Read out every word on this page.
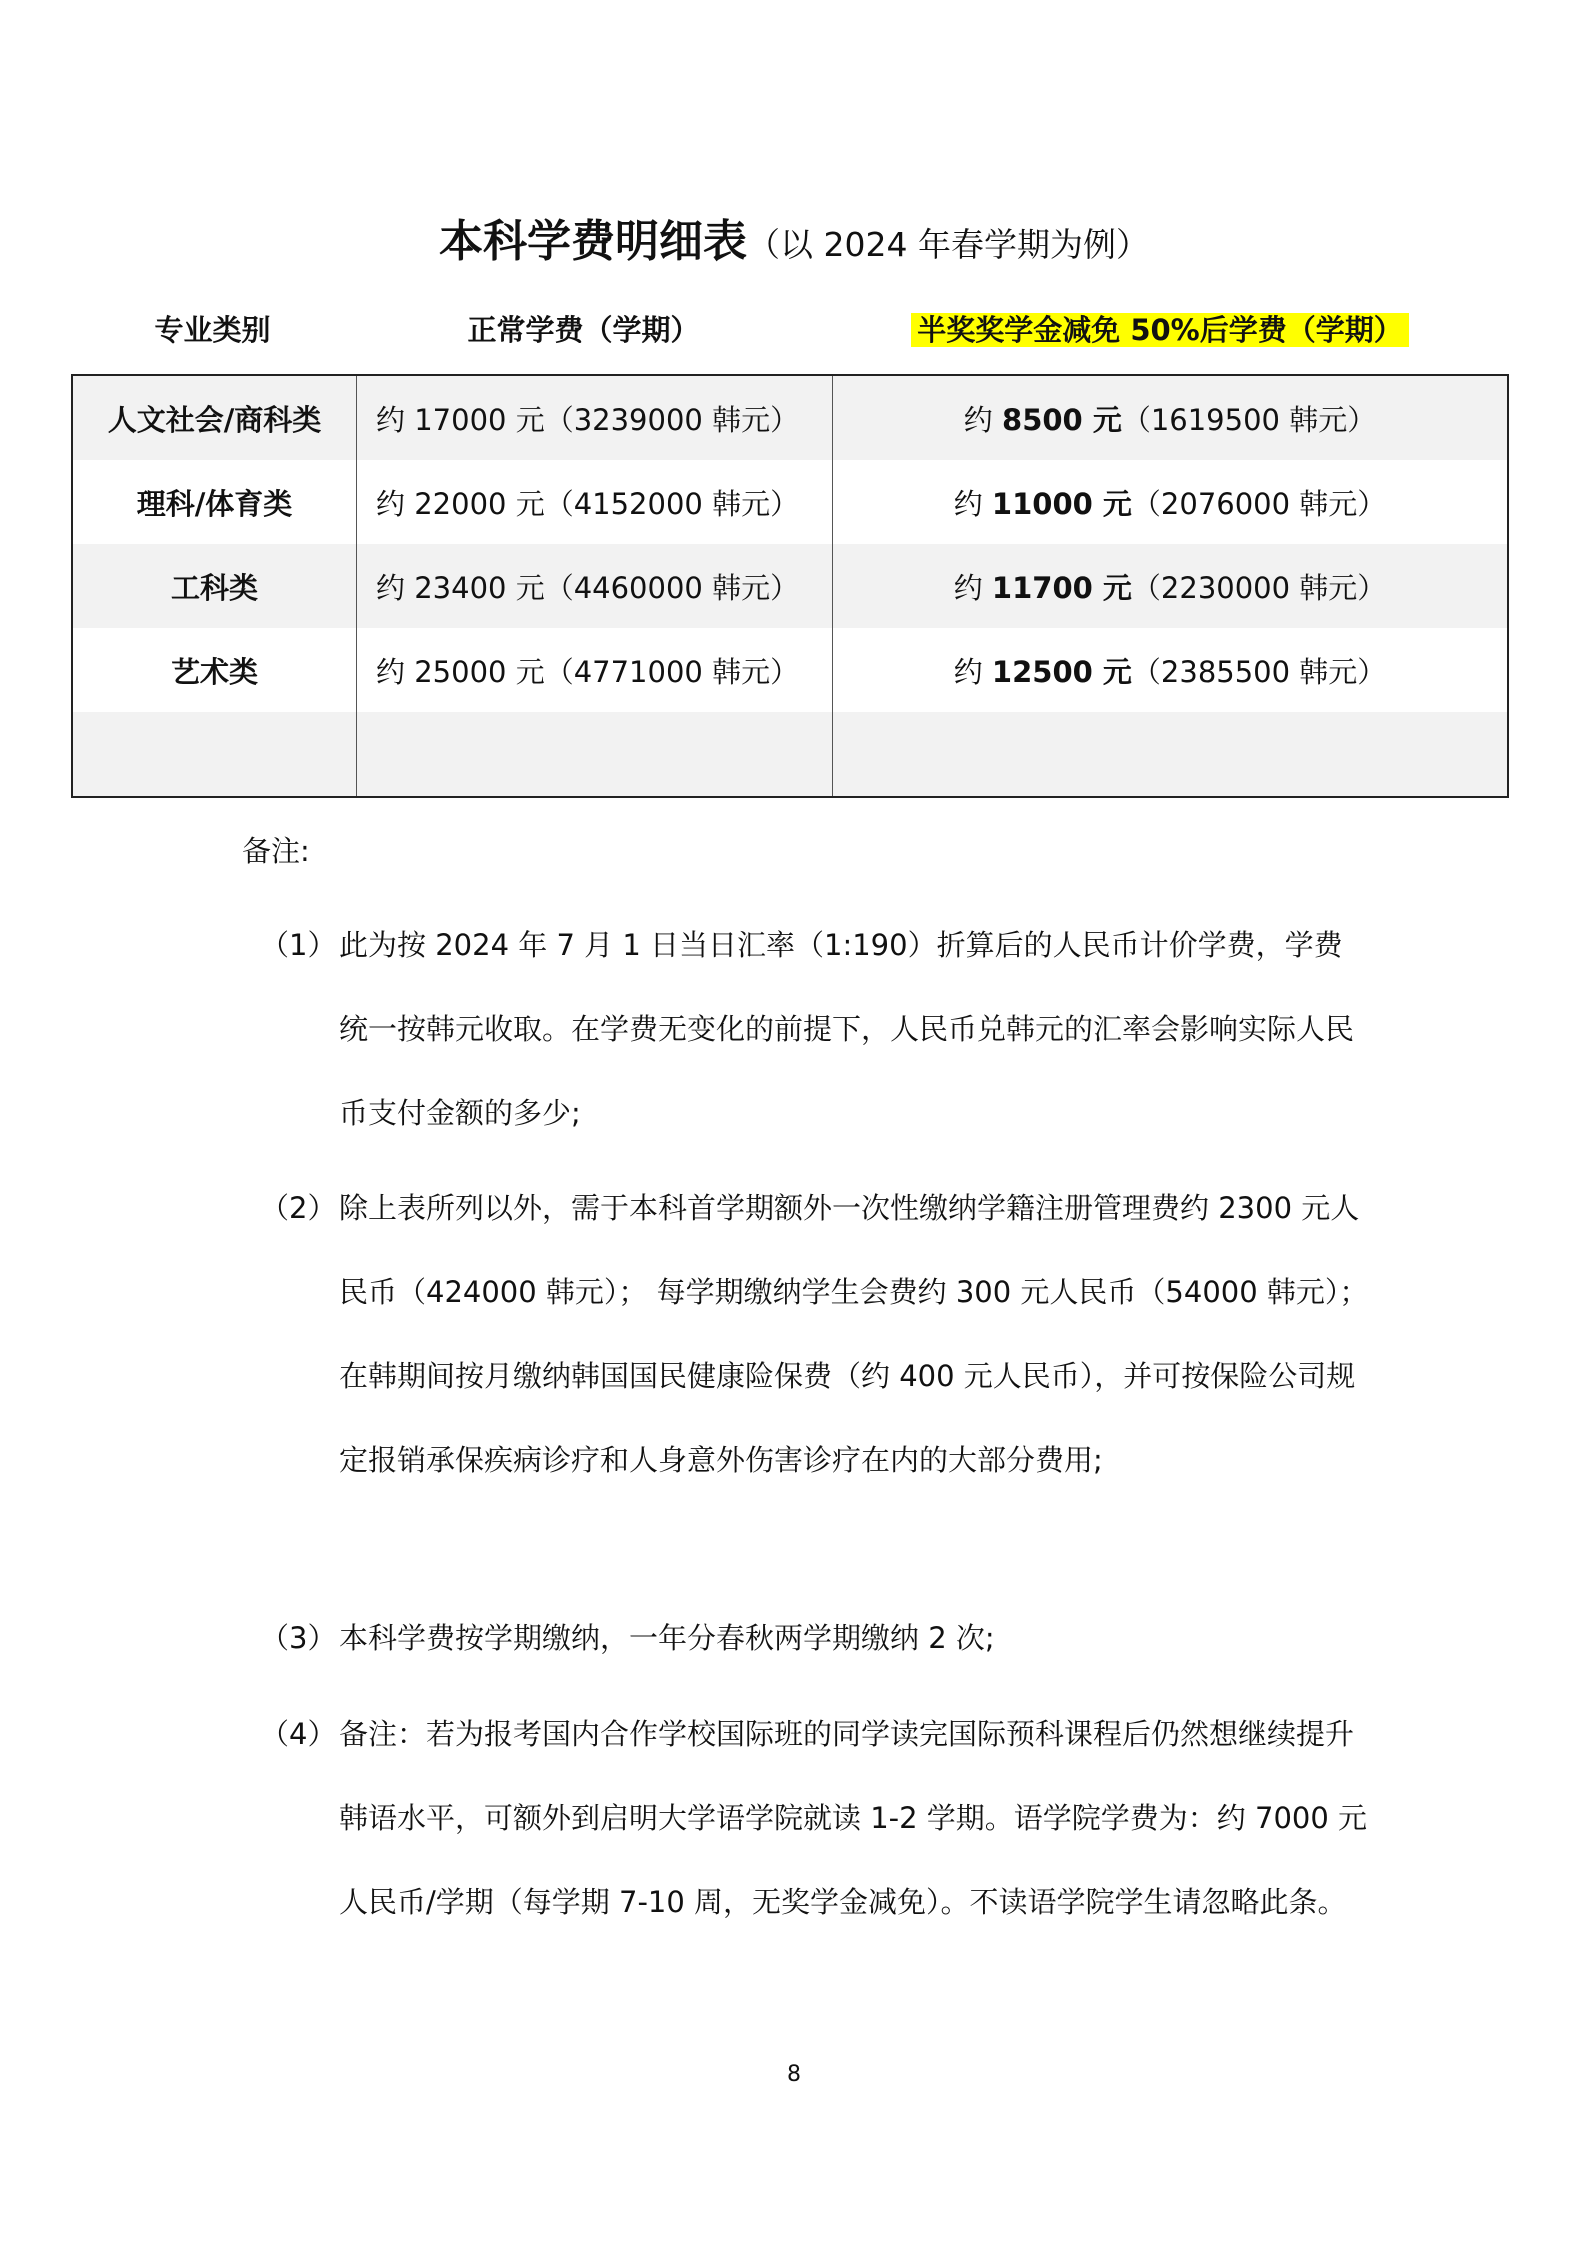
本科学费明细表（以 2024 年春学期为例）
专业类别	正常学费（学期）	半奖奖学金减免 50%后学费（学期）
人文社会/商科类	约 17000 元（3239000 韩元）	约 8500 元（1619500 韩元）
理科/体育类	约 22000 元（4152000 韩元）	约 11000 元（2076000 韩元）
工科类	约 23400 元（4460000 韩元）	约 11700 元（2230000 韩元）
艺术类	约 25000 元（4771000 韩元）	约 12500 元（2385500 韩元）

备注:
（1） 此为按 2024 年 7 月 1 日当日汇率（1:190）折算后的人民币计价学费，学费统一按韩元收取。在学费无变化的前提下，人民币兑韩元的汇率会影响实际人民币支付金额的多少;
（2） 除上表所列以外，需于本科首学期额外一次性缴纳学籍注册管理费约 2300 元人民币（424000 韩元）； 每学期缴纳学生会费约 300 元人民币（54000 韩元）； 在韩期间按月缴纳韩国国民健康险保费（约 400 元人民币），并可按保险公司规定报销承保疾病诊疗和人身意外伤害诊疗在内的大部分费用;
（3） 本科学费按学期缴纳，一年分春秋两学期缴纳 2 次;
（4） 备注：若为报考国内合作学校国际班的同学读完国际预科课程后仍然想继续提升韩语水平，可额外到启明大学语学院就读 1-2 学期。语学院学费为：约 7000 元人民币/学期（每学期 7-10 周，无奖学金减免）。不读语学院学生请忽略此条。
8
